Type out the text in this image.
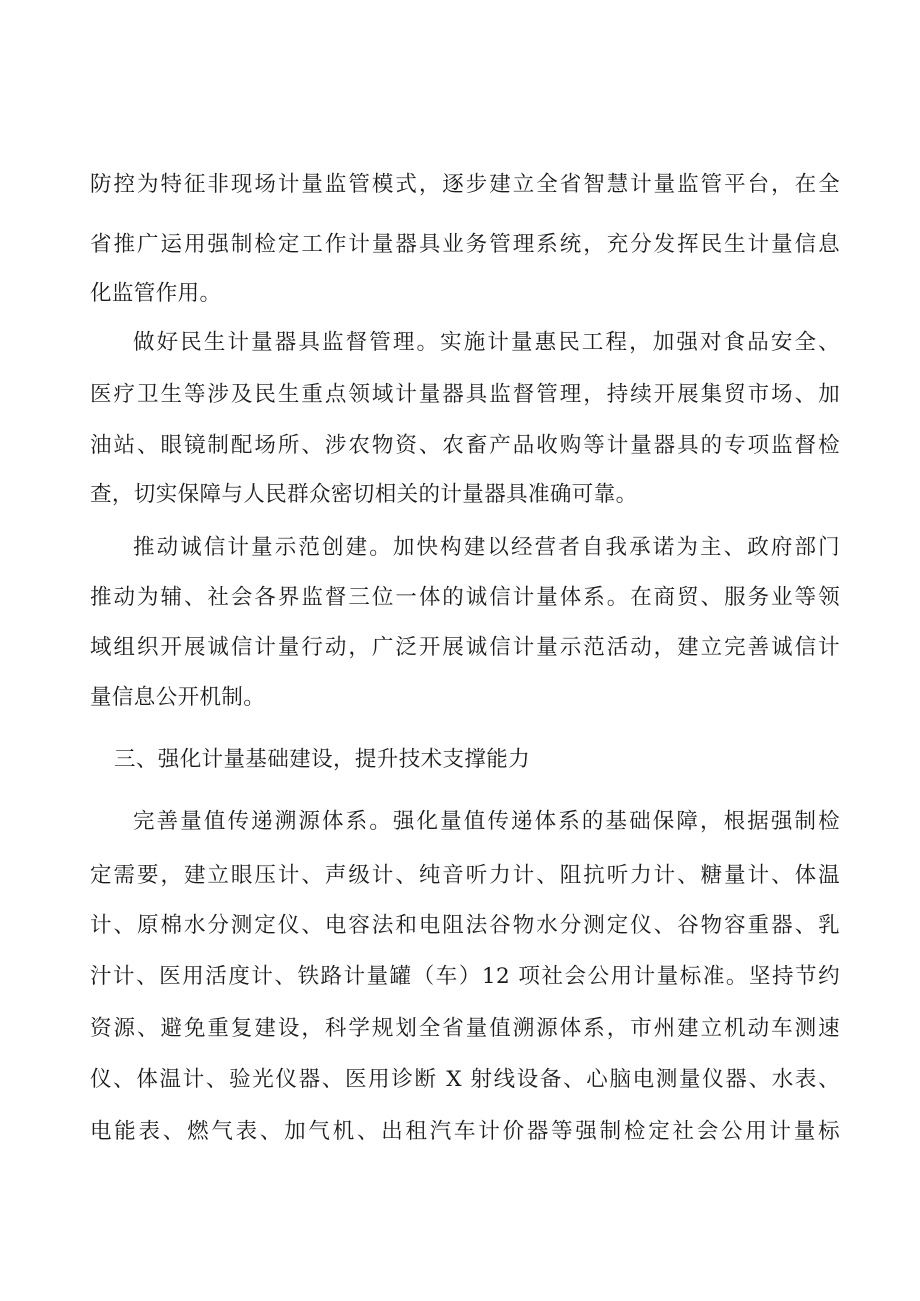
防控为特征非现场计量监管模式，逐步建立全省智慧计量监管平台，在全
省推广运用强制检定工作计量器具业务管理系统，充分发挥民生计量信息
化监管作用。
做好民生计量器具监督管理。实施计量惠民工程，加强对食品安全、
医疗卫生等涉及民生重点领域计量器具监督管理，持续开展集贸市场、加
油站、眼镜制配场所、涉农物资、农畜产品收购等计量器具的专项监督检
查，切实保障与人民群众密切相关的计量器具准确可靠。
推动诚信计量示范创建。加快构建以经营者自我承诺为主、政府部门
推动为辅、社会各界监督三位一体的诚信计量体系。在商贸、服务业等领
域组织开展诚信计量行动，广泛开展诚信计量示范活动，建立完善诚信计
量信息公开机制。
三、强化计量基础建设，提升技术支撑能力
完善量值传递溯源体系。强化量值传递体系的基础保障，根据强制检
定需要，建立眼压计、声级计、纯音听力计、阻抗听力计、糖量计、体温
计、原棉水分测定仪、电容法和电阻法谷物水分测定仪、谷物容重器、乳
汁计、医用活度计、铁路计量罐（车）12 项社会公用计量标准。坚持节约
资源、避免重复建设，科学规划全省量值溯源体系，市州建立机动车测速
仪、体温计、验光仪器、医用诊断 X 射线设备、心脑电测量仪器、水表、
电能表、燃气表、加气机、出租汽车计价器等强制检定社会公用计量标
